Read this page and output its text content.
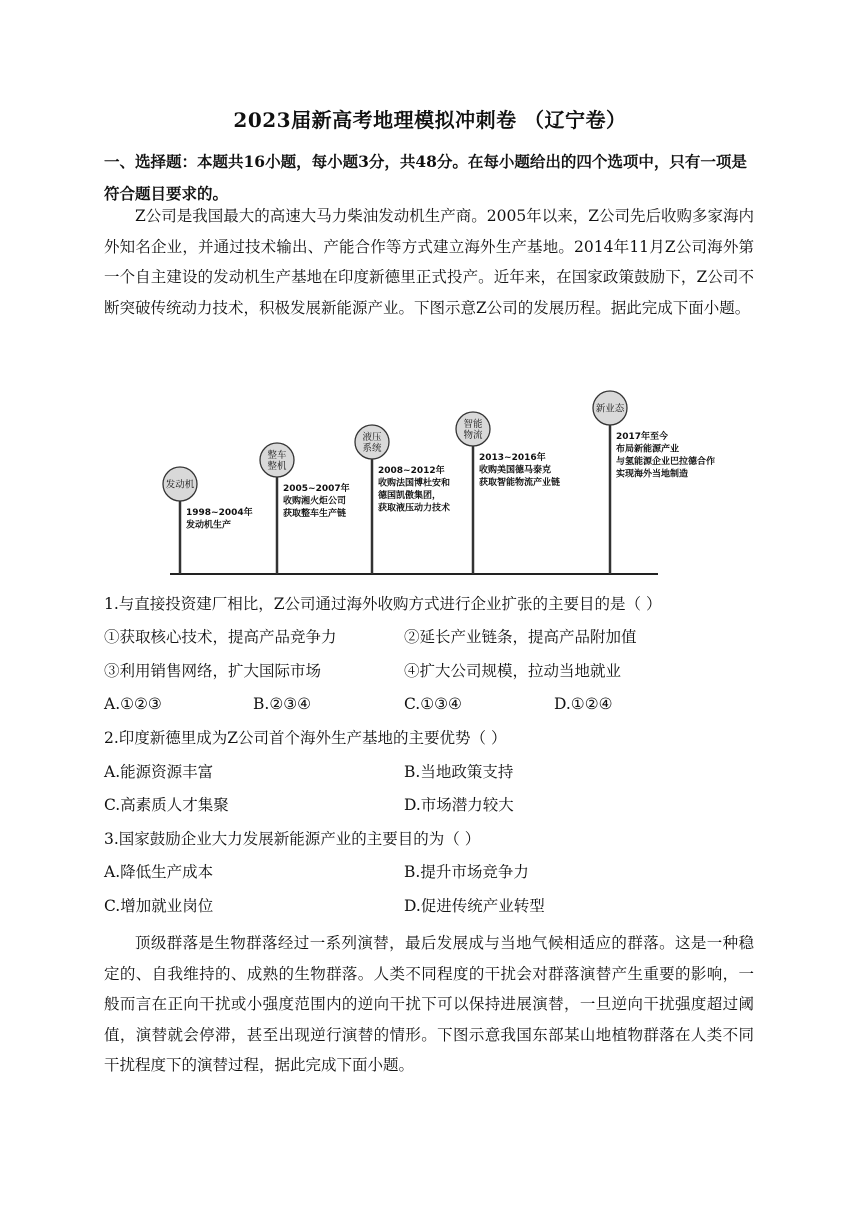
2023届新高考地理模拟冲刺卷 （辽宁卷）
一、选择题：本题共16小题，每小题3分，共48分。在每小题给出的四个选项中，只有一项是符合题目要求的。
Z公司是我国最大的高速大马力柴油发动机生产商。2005年以来，Z公司先后收购多家海内外知名企业，并通过技术输出、产能合作等方式建立海外生产基地。2014年11月Z公司海外第一个自主建设的发动机生产基地在印度新德里正式投产。近年来，在国家政策鼓励下，Z公司不断突破传统动力技术，积极发展新能源产业。下图示意Z公司的发展历程。据此完成下面小题。
发动机
1998~2004年
发动机生产
整车
整机
2005~2007年
收购湘火炬公司
获取整车生产链
液压
系统
2008~2012年
收购法国博杜安和
德国凯傲集团，
获取液压动力技术
智能
物流
2013~2016年
收购美国德马泰克
获取智能物流产业链
新业态
2017年至今
布局新能源产业
与氢能源企业巴拉德合作
实现海外当地制造
1.与直接投资建厂相比，Z公司通过海外收购方式进行企业扩张的主要目的是（ ）
①获取核心技术，提高产品竞争力	②延长产业链条，提高产品附加值
③利用销售网络，扩大国际市场	④扩大公司规模，拉动当地就业
A.①②③	B.②③④	C.①③④	D.①②④
2.印度新德里成为Z公司首个海外生产基地的主要优势（ ）
A.能源资源丰富	B.当地政策支持
C.高素质人才集聚	D.市场潜力较大
3.国家鼓励企业大力发展新能源产业的主要目的为（ ）
A.降低生产成本	B.提升市场竞争力
C.增加就业岗位	D.促进传统产业转型
顶级群落是生物群落经过一系列演替，最后发展成与当地气候相适应的群落。这是一种稳定的、自我维持的、成熟的生物群落。人类不同程度的干扰会对群落演替产生重要的影响，一般而言在正向干扰或小强度范围内的逆向干扰下可以保持进展演替，一旦逆向干扰强度超过阈值，演替就会停滞，甚至出现逆行演替的情形。下图示意我国东部某山地植物群落在人类不同干扰程度下的演替过程，据此完成下面小题。
